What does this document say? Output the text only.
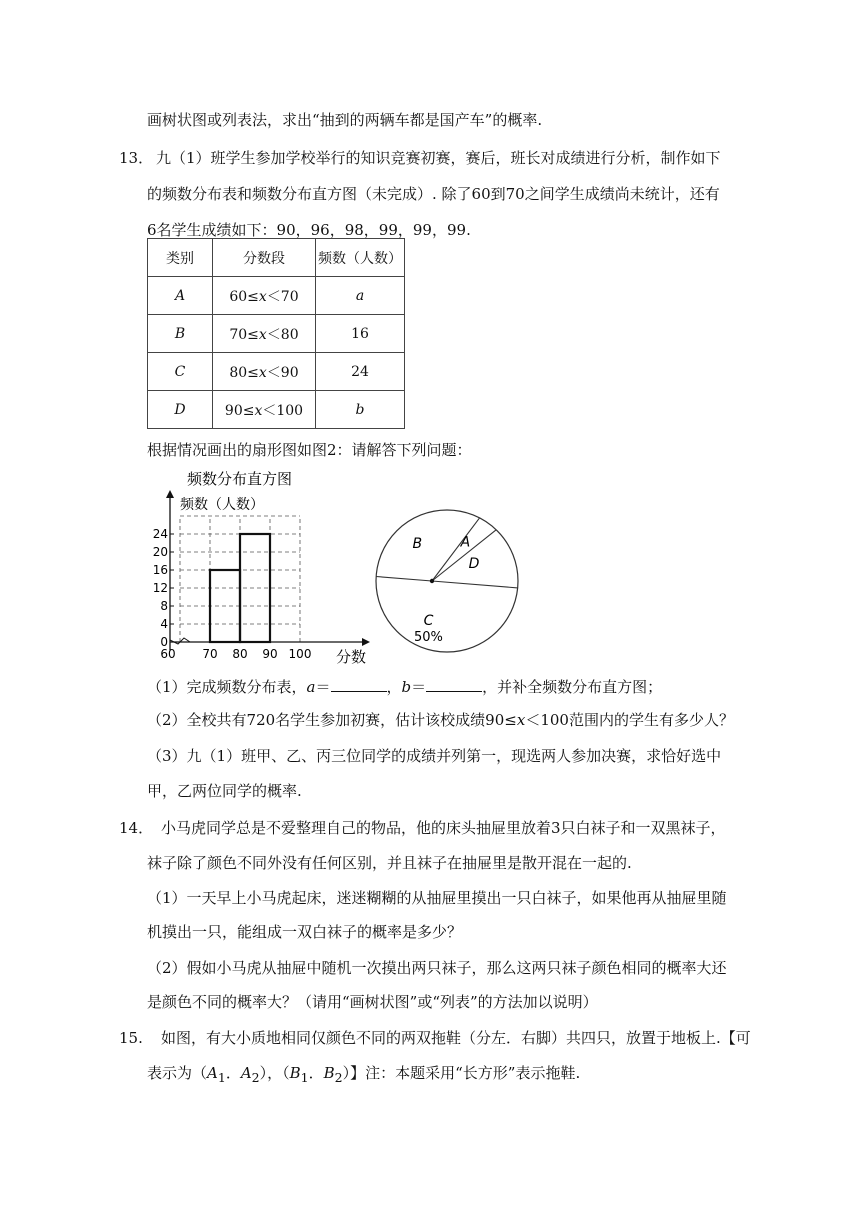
画树状图或列表法，求出“抽到的两辆车都是国产车”的概率.
13． 九（1）班学生参加学校举行的知识竞赛初赛，赛后，班长对成绩进行分析，制作如下
的频数分布表和频数分布直方图（未完成）. 除了60到70之间学生成绩尚未统计，还有
6名学生成绩如下：90，96，98，99，99，99.
类别	分数段	频数（人数）
A	60≤x＜70	a
B	70≤x＜80	16
C	80≤x＜90	24
D	90≤x＜100	b
根据情况画出的扇形图如图2：请解答下列问题：
频数分布直方图
频数（人数）
分数
0
4
8
12
16
20
24
60 70 80 90 100
A
D
C
50%
B
（1）完成频数分布表，a＝	，b＝	，并补全频数分布直方图；
（2）全校共有720名学生参加初赛，估计该校成绩90≤x＜100范围内的学生有多少人？
（3）九（1）班甲、乙、丙三位同学的成绩并列第一，现选两人参加决赛，求恰好选中
甲，乙两位同学的概率.
14． 小马虎同学总是不爱整理自己的物品，他的床头抽屉里放着3只白袜子和一双黑袜子，
袜子除了颜色不同外没有任何区别，并且袜子在抽屉里是散开混在一起的.
（1）一天早上小马虎起床，迷迷糊糊的从抽屉里摸出一只白袜子，如果他再从抽屉里随
机摸出一只，能组成一双白袜子的概率是多少？
（2）假如小马虎从抽屉中随机一次摸出两只袜子，那么这两只袜子颜色相同的概率大还
是颜色不同的概率大？（请用“画树状图”或“列表”的方法加以说明）
15. 如图，有大小质地相同仅颜色不同的两双拖鞋（分左．右脚）共四只，放置于地板上.【可
表示为（$A_1$．$A_2$），（$B_1$．$B_2$）】注：本题采用“长方形”表示拖鞋.
